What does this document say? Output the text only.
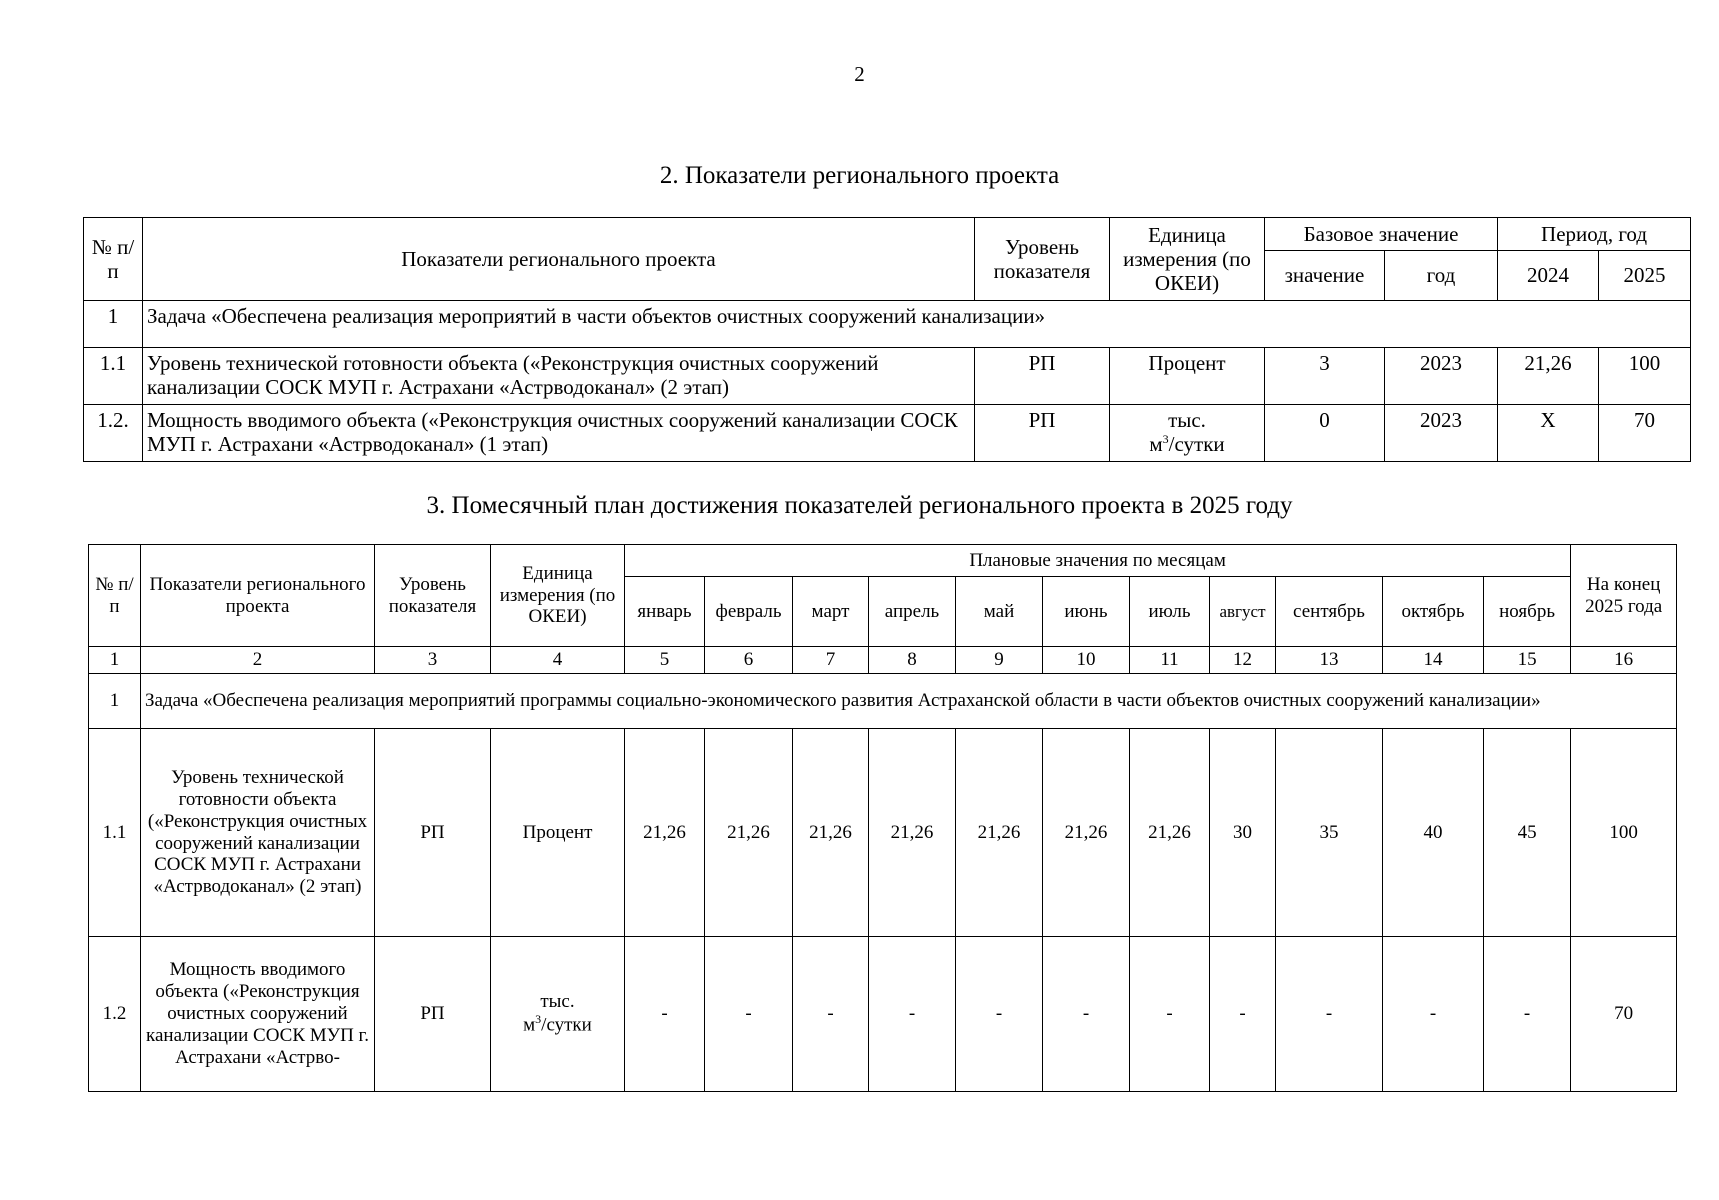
2
2. Показатели регионального проекта
№ п/п	Показатели регионального проекта	Уровень показателя	Единица измерения (по ОКЕИ)	Базовое значение		Период, год	
				значение	год	2024	2025
1	Задача «Обеспечена реализация мероприятий в части объектов очистных сооружений канализации»						
1.1	Уровень технической готовности объекта («Реконструкция очистных сооружений канализации СОСК МУП г. Астрахани «Астрводоканал» (2 этап)	РП	Процент	3	2023	21,26	100
1.2.	Мощность вводимого объекта («Реконструкция очистных сооружений канализации СОСК МУП г. Астрахани «Астрводоканал» (1 этап)	РП	тыс.
$м^3$/сутки	0	2023	X	70
3. Помесячный план достижения показателей регионального проекта в 2025 году
№ п/п	Показатели регионального проекта	Уровень показателя	Единица измерения (по ОКЕИ)	Плановые значения по месяцам											На конец 2025 года
				январь	февраль	март	апрель	май	июнь	июль	август	сентябрь	октябрь	ноябрь	
1	2	3	4	5	6	7	8	9	10	11	12	13	14	15	16
1	Задача «Обеспечена реализация мероприятий программы социально-экономического развития Астраханской области в части объектов очистных сооружений канализации»														
1.1	Уровень технической готовности объекта («Реконструкция очистных сооружений канализации СОСК МУП г. Астрахани «Астрводоканал» (2 этап)	РП	Процент	21,26	21,26	21,26	21,26	21,26	21,26	21,26	30	35	40	45	100
1.2	Мощность вводимого объекта («Реконструкция очистных сооружений канализации СОСК МУП г. Астрахани «Астрво-	РП	тыс.
$м^3$/сутки	-	-	-	-	-	-	-	-	-	-	-	70
